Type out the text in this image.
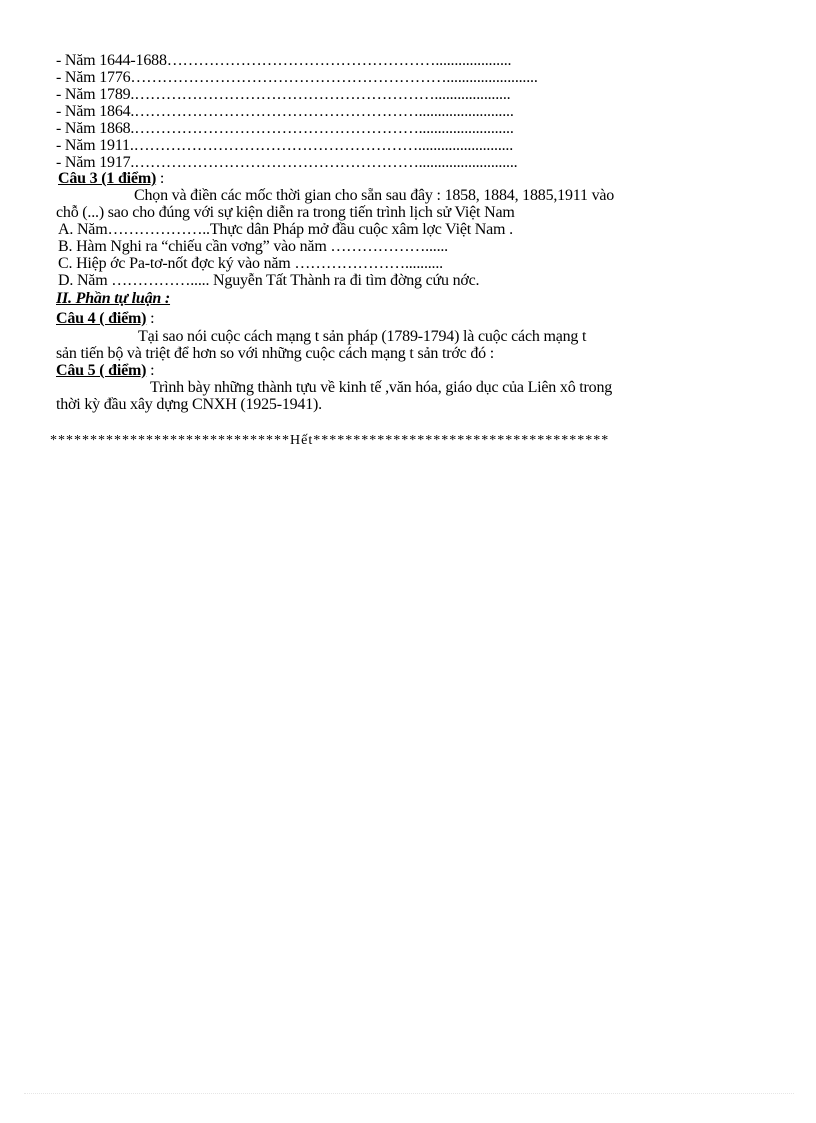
- Năm 1644-1688……………………………………………....................
- Năm 1776……………………………………………………........................
- Năm 1789.…………………………………………………....................
- Năm 1864.……………………………………………….........................
- Năm 1868.……………………………………………….........................
- Năm 1911.……………………………………………….........................
- Năm 1917.………………………………………………..........................
Câu 3 (1 điểm) :
Chọn và điền các mốc thời gian cho sẵn sau đây : 1858, 1884, 1885,1911 vào
chỗ (...) sao cho đúng với sự kiện diễn ra trong tiến trình lịch sử Việt Nam
A. Năm………………..Thực dân Pháp mở đầu cuộc xâm lợc Việt Nam .
B. Hàm Nghi ra “chiếu cần vơng” vào năm ………………......
C. Hiệp ớc Pa-tơ-nốt đợc ký vào năm …………………..........
D. Năm ……………..... Nguyễn Tất Thành ra đi tìm đờng cứu nớc.
II. Phần tự luận :
Câu 4 ( điểm) :
Tại sao nói cuộc cách mạng t sản pháp (1789-1794) là cuộc cách mạng t
sản tiến bộ và triệt để hơn so với những cuộc cách mạng t sản trớc đó :
Câu 5 ( điểm) :
Trình bày những thành tựu về kinh tế ,văn hóa, giáo dục của Liên xô trong
thời kỳ đầu xây dựng CNXH (1925-1941).
******************************Hết*************************************
